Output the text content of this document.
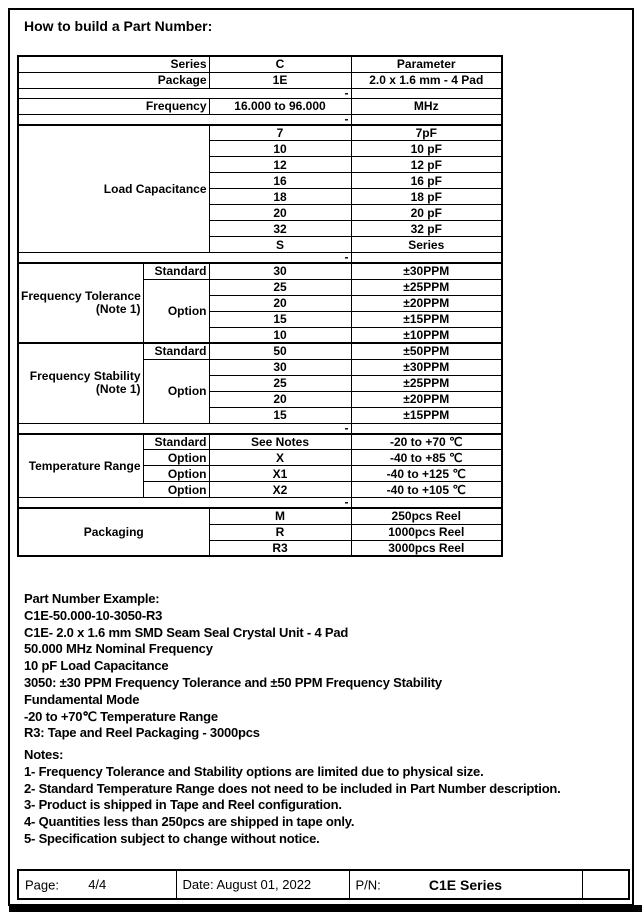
How to build a Part Number:
Series		C	Parameter
Package		1E	2.0 x 1.6 mm - 4 Pad
-			
Frequency		16.000 to 96.000	MHz
-			
Load Capacitance		7	7pF
		10	10 pF
		12	12 pF
		16	16 pF
		18	18 pF
		20	20 pF
		32	32 pF
		S	Series
-			

Frequency Tolerance
(Note 1)	Standard	30	±30PPM
	Option	25	±25PPM
		20	±20PPM
		15	±15PPM
		10	±10PPM

Frequency Stability
(Note 1)	Standard	50	±50PPM
	Option	30	±30PPM
		25	±25PPM
		20	±20PPM
		15	±15PPM
-			
Temperature Range	Standard	See Notes	-20 to +70 ℃
	Option	X	-40 to +85 ℃
	Option	X1	-40 to +125 ℃
	Option	X2	-40 to +105 ℃
-			
Packaging		M	250pcs Reel
		R	1000pcs Reel
		R3	3000pcs Reel
Part Number Example:
C1E-50.000-10-3050-R3
C1E- 2.0 x 1.6 mm SMD Seam Seal Crystal Unit - 4 Pad
50.000 MHz Nominal Frequency
10 pF Load Capacitance
3050: ±30 PPM Frequency Tolerance and ±50 PPM Frequency Stability
Fundamental Mode
-20 to +70℃ Temperature Range
R3: Tape and Reel Packaging - 3000pcs
Notes:
1- Frequency Tolerance and Stability options are limited due to physical size.
2- Standard Temperature Range does not need to be included in Part Number description.
3- Product is shipped in Tape and Reel configuration.
4- Quantities less than 250pcs are shipped in tape only.
5- Specification subject to change without notice.
Page: 4/4	Date: August 01, 2022	P/N:	C1E Series
